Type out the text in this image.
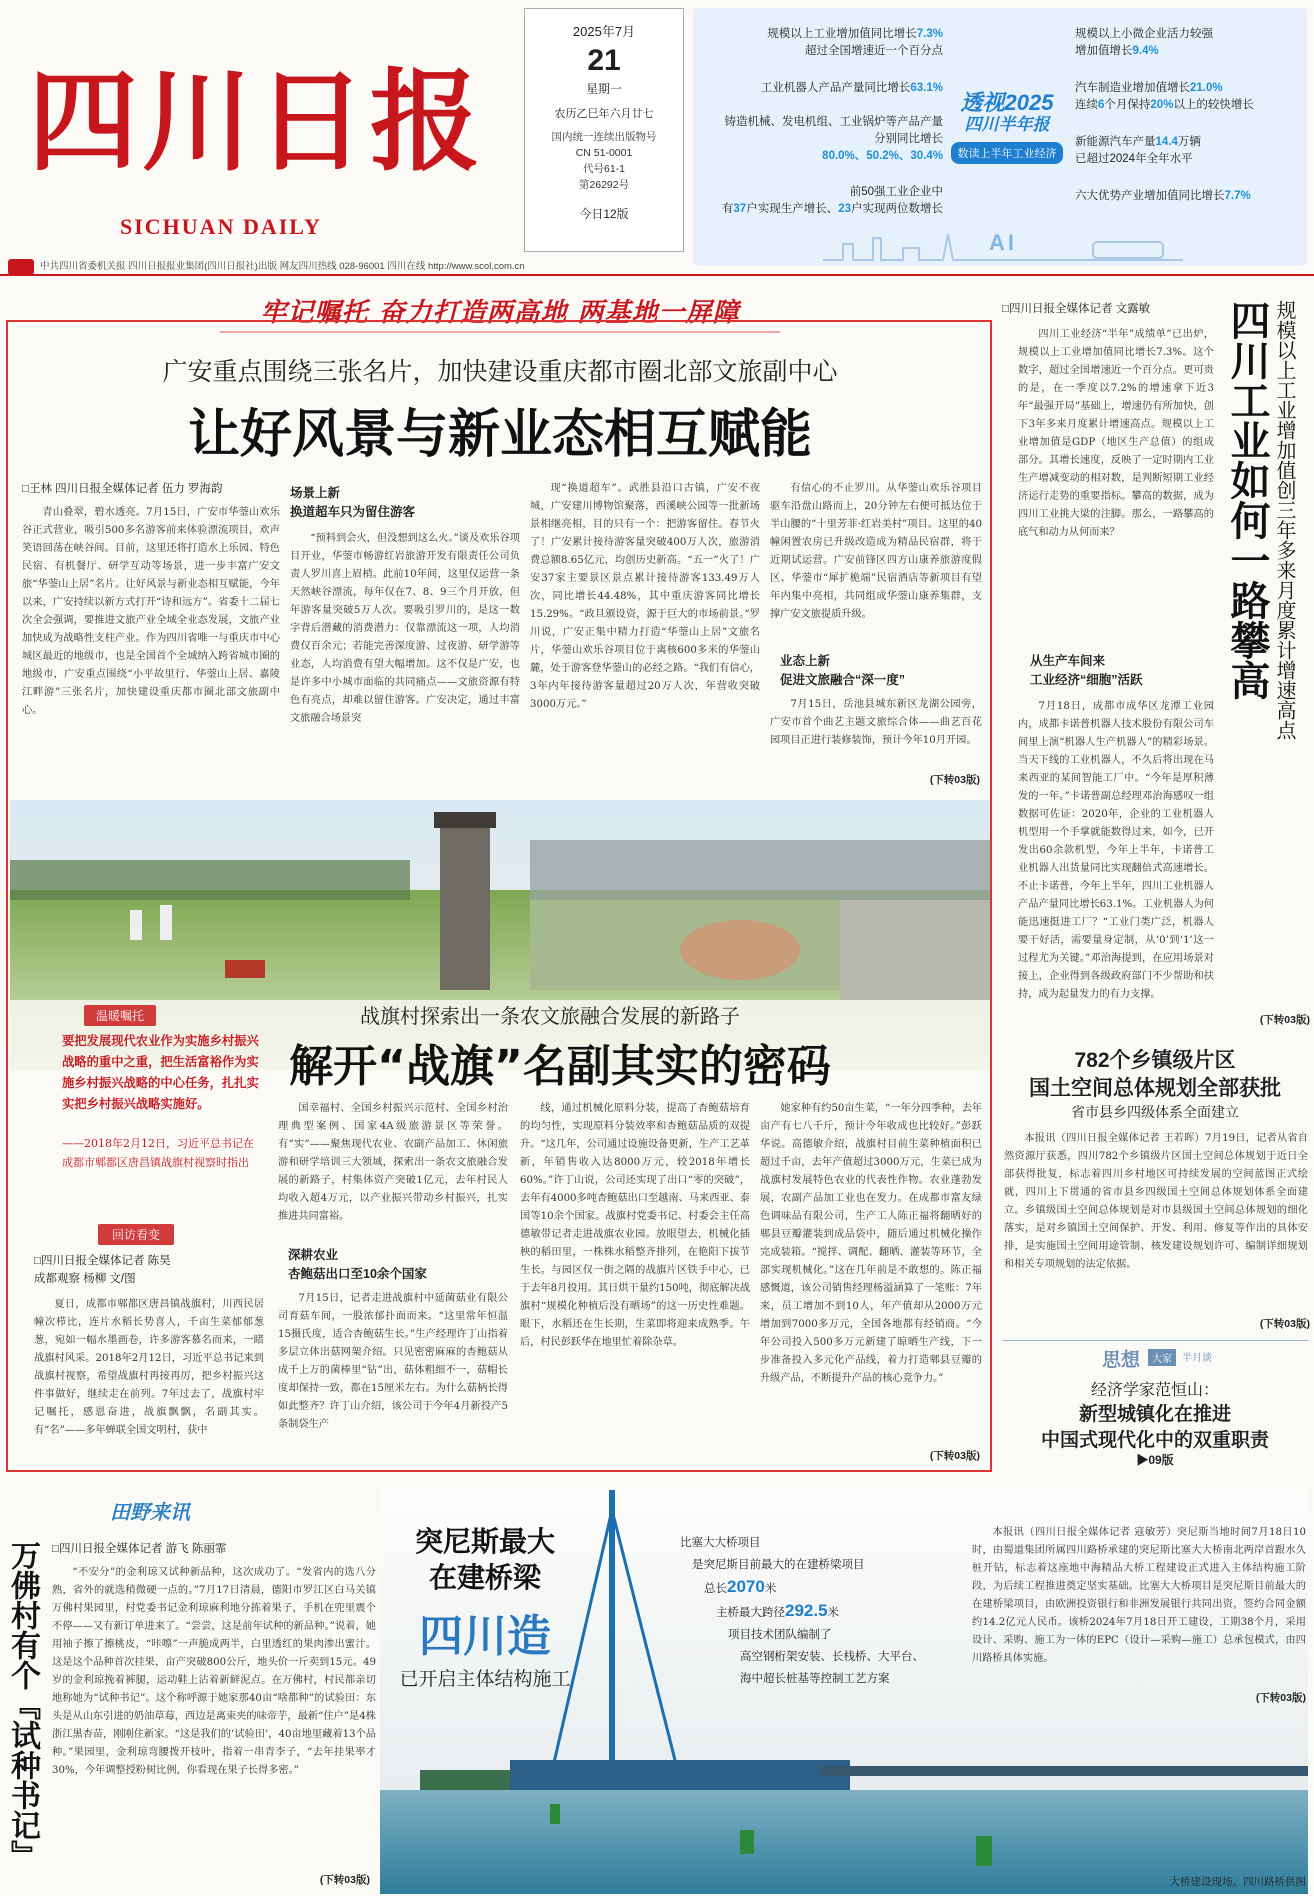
四川日报
SICHUAN DAILY
2025年7月
21
星期一
农历乙巳年六月廿七
国内统一连续出版物号
CN 51-0001
代号61-1
第26292号
今日12版
规模以上工业增加值同比增长7.3%
超过全国增速近一个百分点
工业机器人产品产量同比增长63.1%
铸造机械、发电机组、工业锅炉等产品产量
分别同比增长
80.0%、50.2%、30.4%
前50强工业企业中
有37户实现生产增长、23户实现两位数增长
透视2025
四川半年报
数读上半年工业经济
规模以上小微企业活力较强
增加值增长9.4%
汽车制造业增加值增长21.0%
连续6个月保持20%以上的较快增长
新能源汽车产量14.4万辆
已超过2024年全年水平
六大优势产业增加值同比增长7.7%
AI
中共四川省委机关报 四川日报报业集团(四川日报社)出版 网友四川热线 028-96001 四川在线 http://www.scol.com.cn
牢记嘱托 奋力打造两高地 两基地一屏障
广安重点围绕三张名片，加快建设重庆都市圈北部文旅副中心
让好风景与新业态相互赋能
□王林 四川日报全媒体记者 伍力 罗海韵
青山叠翠，碧水透亮。7月15日，广安市华蓥山欢乐谷正式营业，吸引500多名游客前来体验漂流项目，欢声笑语回荡在峡谷间。目前，这里还将打造水上乐园、特色民宿、有机餐厅、研学互动等场景，进一步丰富广安文旅“华蓥山上居”名片。让好风景与新业态相互赋能，今年以来，广安持续以新方式打开“诗和远方”。省委十二届七次全会强调，要推进文旅产业全域全业态发展，文旅产业加快成为战略性支柱产业。作为四川省唯一与重庆市中心城区最近的地级市，也是全国首个全域纳入跨省城市圈的地级市，广安重点围绕“小平故里行、华蓥山上居、嘉陵江畔游”三张名片，加快建设重庆都市圈北部文旅副中心。
场景上新
换道超车只为留住游客
“预料到会火，但没想到这么火。”谈及欢乐谷项目开业，华蓥市畅游红岩旅游开发有限责任公司负责人罗川喜上眉梢。此前10年间，这里仅运营一条天然峡谷漂流，每年仅在7、8、9三个月开放，但年游客量突破5万人次。要吸引罗川的，是这一数字背后潜藏的消费潜力：仅靠漂流这一项，人均消费仅百余元；若能完善深度游、过夜游、研学游等业态，人均消费有望大幅增加。这不仅是广安，也是许多中小城市面临的共同痛点——文旅资源有特色有亮点，却难以留住游客。广安决定，通过丰富文旅融合场景突
现“换道超车”。武胜县沿口古镇，广安不夜城，广安建川博物馆聚落，西溪峡公园等一批新场景相继亮相，目的只有一个：把游客留住。春节火了！广安累计接待游客量突破400万人次，旅游消费总额8.65亿元，均创历史新高。“五一”火了！广安37家主要景区景点累计接待游客133.49万人次，同比增长44.48%，其中重庆游客同比增长15.29%。“政旦颁设资，源于巨大的市场前景。”罗川说，广安正集中精力打造“华蓥山上居”文旅名片，华蓥山欢乐谷项目位于离核600多米的华蓥山麓，处于游客登华蓥山的必经之路。“我们有信心，3年内年接待游客量超过20万人次，年营收突破3000万元。”
有信心的不止罗川。从华蓥山欢乐谷项目驱车沿盘山路而上，20分钟左右便可抵达位于半山腰的“十里芳菲·红岩美村”项目。这里的40幢闲置农房已升级改造成为精品民宿群，将于近期试运营。广安前锋区四方山康养旅游度假区、华蓥市“犀扩桅端”民宿酒店等新项目有望年内集中亮相，共同组成华蓥山康养集群，支撑广安文旅提质升级。
业态上新
促进文旅融合“深一度”
7月15日，岳池县城东新区龙湖公园旁，广安市首个曲艺主题文旅综合体——曲艺百花园项目正进行装修装饰，预计今年10月开园。
(下转03版)
战旗村探索出一条农文旅融合发展的新路子
解开“战旗”名副其实的密码
温暖嘱托
要把发展现代农业作为实施乡村振兴战略的重中之重，把生活富裕作为实施乡村振兴战略的中心任务，扎扎实实把乡村振兴战略实施好。
——2018年2月12日，习近平总书记在成都市郫都区唐昌镇战旗村视察时指出
回访看变
□四川日报全媒体记者 陈昊
成都观察 杨柳 文/图
夏日，成都市郫都区唐昌镇战旗村，川西民居幢次栉比，连片水稻长势喜人，千亩生菜郁郁葱葱，宛如一幅水墨画卷，许多游客慕名而来，一睹战旗村风采。2018年2月12日，习近平总书记来到战旗村视察，希望战旗村再接再厉，把乡村振兴这件事做好，继续走在前列。7年过去了，战旗村牢记嘱托，感恩奋进，战旗飘飘，名副其实。有“名”——多年蝉联全国文明村，获中
国幸福村、全国乡村振兴示范村、全国乡村治理典型案例、国家4A级旅游景区等荣誉。有“实”——聚焦现代农业、农副产品加工、休闲旅游和研学培训三大领域，探索出一条农文旅融合发展的新路子，村集体资产突破1亿元，去年村民人均收入超4万元，以产业振兴带动乡村振兴，扎实推进共同富裕。
深耕农业
杏鲍菇出口至10余个国家
7月15日，记者走进战旗村中延菌菇业有限公司育菇车间，一股浓郁扑面而来。“这里常年恒温15摄氏度，适合杏鲍菇生长。”生产经理许丁山指着多层立体出菇网架介绍。只见密密麻麻的杏鲍菇从成千上万的菌棒里“钻”出，菇体粗细不一，菇帽长度却保持一致，都在15厘米左右。为什么菇柄长得如此整齐？许丁山介绍，该公司于今年4月新投产5条制袋生产
线，通过机械化原料分装，提高了杏鲍菇培育的均匀性，实现原料分装效率和杏鲍菇品质的双提升。“这几年，公司通过设施设备更新，生产工艺革新，年销售收入达8000万元，较2018年增长60%。”许丁山说，公司还实现了出口“零的突破”，去年有4000多吨杏鲍菇出口至越南、马来西亚、泰国等10余个国家。战旗村党委书记、村委会主任高德敏带记者走进战旗农业园。放眼望去，机械化插秧的稻田里，一株株水稻整齐排列，在艳阳下拔节生长。与园区仅一街之隔的战旗片区铁手中心，已于去年8月投用。其日烘干量约150吨，彻底解决战旗村“规模化种植后没有晒场”的这一历史性难题。眼下，水稻还在生长期，生菜即将迎来成熟季。午后，村民彭跃华在地里忙着除杂草。
她家种有约50亩生菜，“一年分四季种，去年亩产有七八千斤，预计今年收成也比较好。”彭跃华说。高德敏介绍，战旗村目前生菜种植面积已超过千亩，去年产值超过3000万元，生菜已成为战旗村发展特色农业的代表性作物。农业蓬勃发展，农副产品加工业也在发力。在成都市富友绿色调味品有限公司，生产工人陈正福将翻晒好的郫县豆瓣灌装到成品袋中，随后通过机械化操作完成装箱。“搅拌、调配、翻晒、灌装等环节，全部实现机械化。”这在几年前是不敢想的。陈正福感慨道，该公司销售经理杨溢涵算了一笔账：7年来，员工增加不到10人，年产值却从2000万元增加到7000多万元，全国各地都有经销商。“今年公司投入500多万元新建了晾晒生产线，下一步准备投入多元化产品线，着力打造郫县豆瓣的升级产品，不断提升产品的核心竞争力。”
(下转03版)
□四川日报全媒体记者 文露敏 四川工业如何一路攀高 规模以上工业增加值创三年多来月度累计增速高点
四川工业经济“半年”成绩单”已出炉，规模以上工业增加值同比增长7.3%。这个数字，超过全国增速近一个百分点。更可贵的是，在一季度以7.2%的增速拿下近3年“最强开局”基础上，增速仍有所加快，创下3年多来月度累计增速高点。规模以上工业增加值是GDP（地区生产总值）的组成部分。其增长速度，反映了一定时期内工业生产增减变动的相对数，是判断短期工业经济运行走势的重要指标。攀高的数据，成为四川工业挑大梁的注脚。那么，一路攀高的底气和动力从何而来？
从生产车间来
工业经济“细胞”活跃
7月18日，成都市成华区龙潭工业园内，成都卡诺普机器人技术股份有限公司车间里上演“机器人生产机器人”的精彩场景。当天下线的工业机器人，不久后将出现在马来西亚的某间智能工厂中。“今年是厚积薄发的一年。”卡诺普副总经理邓治海感叹一组数据可佐证：2020年，企业的工业机器人机型用一个手掌就能数得过来，如今，已开发出60余款机型，今年上半年，卡诺普工业机器人出货量同比实现翻倍式高速增长。不止卡诺普，今年上半年，四川工业机器人产品产量同比增长63.1%。工业机器人为何能迅速挺进工厂？“工业门类广泛，机器人要干好活，需要量身定制，从‘0’到‘1’这一过程尤为关键。”邓治海提到，在应用场景对接上，企业得到各级政府部门不少帮助和扶持，成为起量发力的有力支撑。
(下转03版)
782个乡镇级片区
国土空间总体规划全部获批
省市县乡四级体系全面建立
本报讯（四川日报全媒体记者 王若晖）7月19日，记者从省自然资源厅获悉，四川782个乡镇级片区国土空间总体规划于近日全部获得批复，标志着四川乡村地区可持续发展的空间蓝图正式绘就，四川上下贯通的省市县乡四级国土空间总体规划体系全面建立。乡镇级国土空间总体规划是对市县级国土空间总体规划的细化落实，是对乡镇国土空间保护、开发、利用、修复等作出的具体安排，是实施国土空间用途管制、核发建设规划许可、编制详细规划和相关专项规划的法定依据。
(下转03版)
思想	大家	半月谈
经济学家范恒山：
新型城镇化在推进
中国式现代化中的双重职责
▶09版
田野来讯
□四川日报全媒体记者 游飞 陈丽霏
万佛村有个『试种书记』	“不安分”的金利琼又试种新品种，这次成功了。“发省内的选八分熟，省外的就选稍微硬一点的。”7月17日清晨，德阳市罗江区白马关镇万佛村果园里，村党委书记金利琼麻利地分拣着果子，手机在兜里震个不停——又有新订单进来了。“尝尝，这是前年试种的新品种。”说着，她用袖子擦了擦桃皮，“咔嚓”一声脆成两半，白里透红的果肉渗出蜜汁。这是这个品种首次挂果，亩产突破800公斤，地头价一斤卖到15元。49岁的金利琼挽着裤腿，运动鞋上沾着新鲜泥点。在万佛村，村民都亲切地称她为“试种书记”。这个称呼源于她家那40亩“啥都种”的试验田：东头是从山东引进的奶油草莓，西边是离束夹的味帝芋，最新“住户”是4株浙江黑杏苗，刚刚住新家。“这是我们的‘试验田’，40亩地里藏着13个品种。”果园里，金利琼弯腰拨开枝叶，指着一串青李子，“去年挂果率才30%，今年调整授粉树比例，你看现在果子长得多密。”
(下转03版)
突尼斯最大
在建桥梁
四川造
已开启主体结构施工
比塞大大桥项目
是突尼斯目前最大的在建桥梁项目
总长2070米
主桥最大跨径292.5米
项目技术团队编制了
高空钢桁架安装、长栈桥、大平台、
海中超长桩基等控制工艺方案
本报讯（四川日报全媒体记者 寇敏芳）突尼斯当地时间7月18日10时，由蜀道集团所属四川路桥承建的突尼斯比塞大大桥南北两岸首跟水久桩开钻，标志着这座地中海精品大桥工程建设正式进入主体结构施工阶段，为后续工程推进奠定坚实基础。比塞大大桥项目是突尼斯目前最大的在建桥梁项目，由欧洲投资银行和非洲发展银行共同出资，签约合同金额约14.2亿元人民币。该桥2024年7月18日开工建设，工期38个月，采用设计、采购、施工为一体的EPC（设计—采购—施工）总承包模式，由四川路桥具体实施。
(下转03版)
大桥建设现场。四川路桥供图
